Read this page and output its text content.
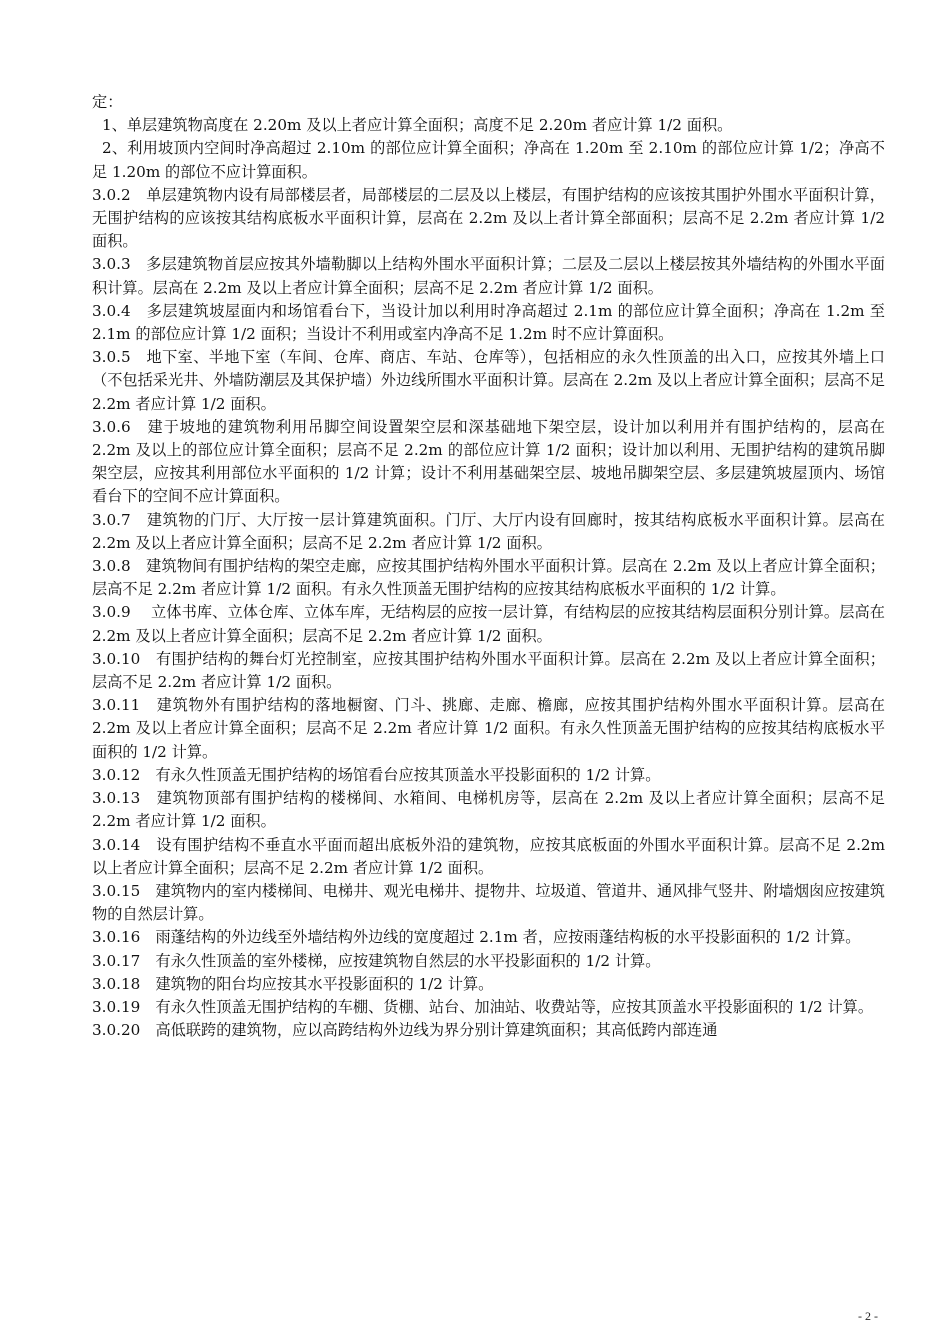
定：

1、单层建筑物高度在 2.20m 及以上者应计算全面积；高度不足 2.20m 者应计算 1/2 面积。

2、利用坡顶内空间时净高超过 2.10m 的部位应计算全面积；净高在 1.20m 至 2.10m 的部位应计算 1/2；净高不足 1.20m 的部位不应计算面积。

3.0.2　单层建筑物内设有局部楼层者，局部楼层的二层及以上楼层，有围护结构的应该按其围护外围水平面积计算，无围护结构的应该按其结构底板水平面积计算，层高在 2.2m 及以上者计算全部面积；层高不足 2.2m 者应计算 1/2 面积。

3.0.3　多层建筑物首层应按其外墙勒脚以上结构外围水平面积计算；二层及二层以上楼层按其外墙结构的外围水平面积计算。层高在 2.2m 及以上者应计算全面积；层高不足 2.2m 者应计算 1/2 面积。

3.0.4　多层建筑坡屋面内和场馆看台下，当设计加以利用时净高超过 2.1m 的部位应计算全面积；净高在 1.2m 至 2.1m 的部位应计算 1/2 面积；当设计不利用或室内净高不足 1.2m 时不应计算面积。

3.0.5　地下室、半地下室（车间、仓库、商店、车站、仓库等），包括相应的永久性顶盖的出入口，应按其外墙上口（不包括采光井、外墙防潮层及其保护墙）外边线所围水平面积计算。层高在 2.2m 及以上者应计算全面积；层高不足 2.2m 者应计算 1/2 面积。

3.0.6　建于坡地的建筑物利用吊脚空间设置架空层和深基础地下架空层，设计加以利用并有围护结构的，层高在 2.2m 及以上的部位应计算全面积；层高不足 2.2m 的部位应计算 1/2 面积；设计加以利用、无围护结构的建筑吊脚架空层，应按其利用部位水平面积的 1/2 计算；设计不利用基础架空层、坡地吊脚架空层、多层建筑坡屋顶内、场馆看台下的空间不应计算面积。

3.0.7　建筑物的门厅、大厅按一层计算建筑面积。门厅、大厅内设有回廊时，按其结构底板水平面积计算。层高在 2.2m 及以上者应计算全面积；层高不足 2.2m 者应计算 1/2 面积。

3.0.8　建筑物间有围护结构的架空走廊，应按其围护结构外围水平面积计算。层高在 2.2m 及以上者应计算全面积；层高不足 2.2m 者应计算 1/2 面积。有永久性顶盖无围护结构的应按其结构底板水平面积的 1/2 计算。

3.0.9　 立体书库、立体仓库、立体车库，无结构层的应按一层计算，有结构层的应按其结构层面积分别计算。层高在 2.2m 及以上者应计算全面积；层高不足 2.2m 者应计算 1/2 面积。

3.0.10　有围护结构的舞台灯光控制室，应按其围护结构外围水平面积计算。层高在 2.2m 及以上者应计算全面积；层高不足 2.2m 者应计算 1/2 面积。

3.0.11　建筑物外有围护结构的落地橱窗、门斗、挑廊、走廊、檐廊，应按其围护结构外围水平面积计算。层高在 2.2m 及以上者应计算全面积；层高不足 2.2m 者应计算 1/2 面积。有永久性顶盖无围护结构的应按其结构底板水平面积的 1/2 计算。

3.0.12　有永久性顶盖无围护结构的场馆看台应按其顶盖水平投影面积的 1/2 计算。

3.0.13　建筑物顶部有围护结构的楼梯间、水箱间、电梯机房等，层高在 2.2m 及以上者应计算全面积；层高不足 2.2m 者应计算 1/2 面积。

3.0.14　设有围护结构不垂直水平面而超出底板外沿的建筑物，应按其底板面的外围水平面积计算。层高不足 2.2m 以上者应计算全面积；层高不足 2.2m 者应计算 1/2 面积。

3.0.15　建筑物内的室内楼梯间、电梯井、观光电梯井、提物井、垃圾道、管道井、通风排气竖井、附墙烟囱应按建筑物的自然层计算。

3.0.16　雨蓬结构的外边线至外墙结构外边线的宽度超过 2.1m 者，应按雨蓬结构板的水平投影面积的 1/2 计算。

3.0.17　有永久性顶盖的室外楼梯，应按建筑物自然层的水平投影面积的 1/2 计算。

3.0.18　建筑物的阳台均应按其水平投影面积的 1/2 计算。

3.0.19　有永久性顶盖无围护结构的车棚、货棚、站台、加油站、收费站等，应按其顶盖水平投影面积的 1/2 计算。

3.0.20　高低联跨的建筑物，应以高跨结构外边线为界分别计算建筑面积；其高低跨内部连通

- 2 -
